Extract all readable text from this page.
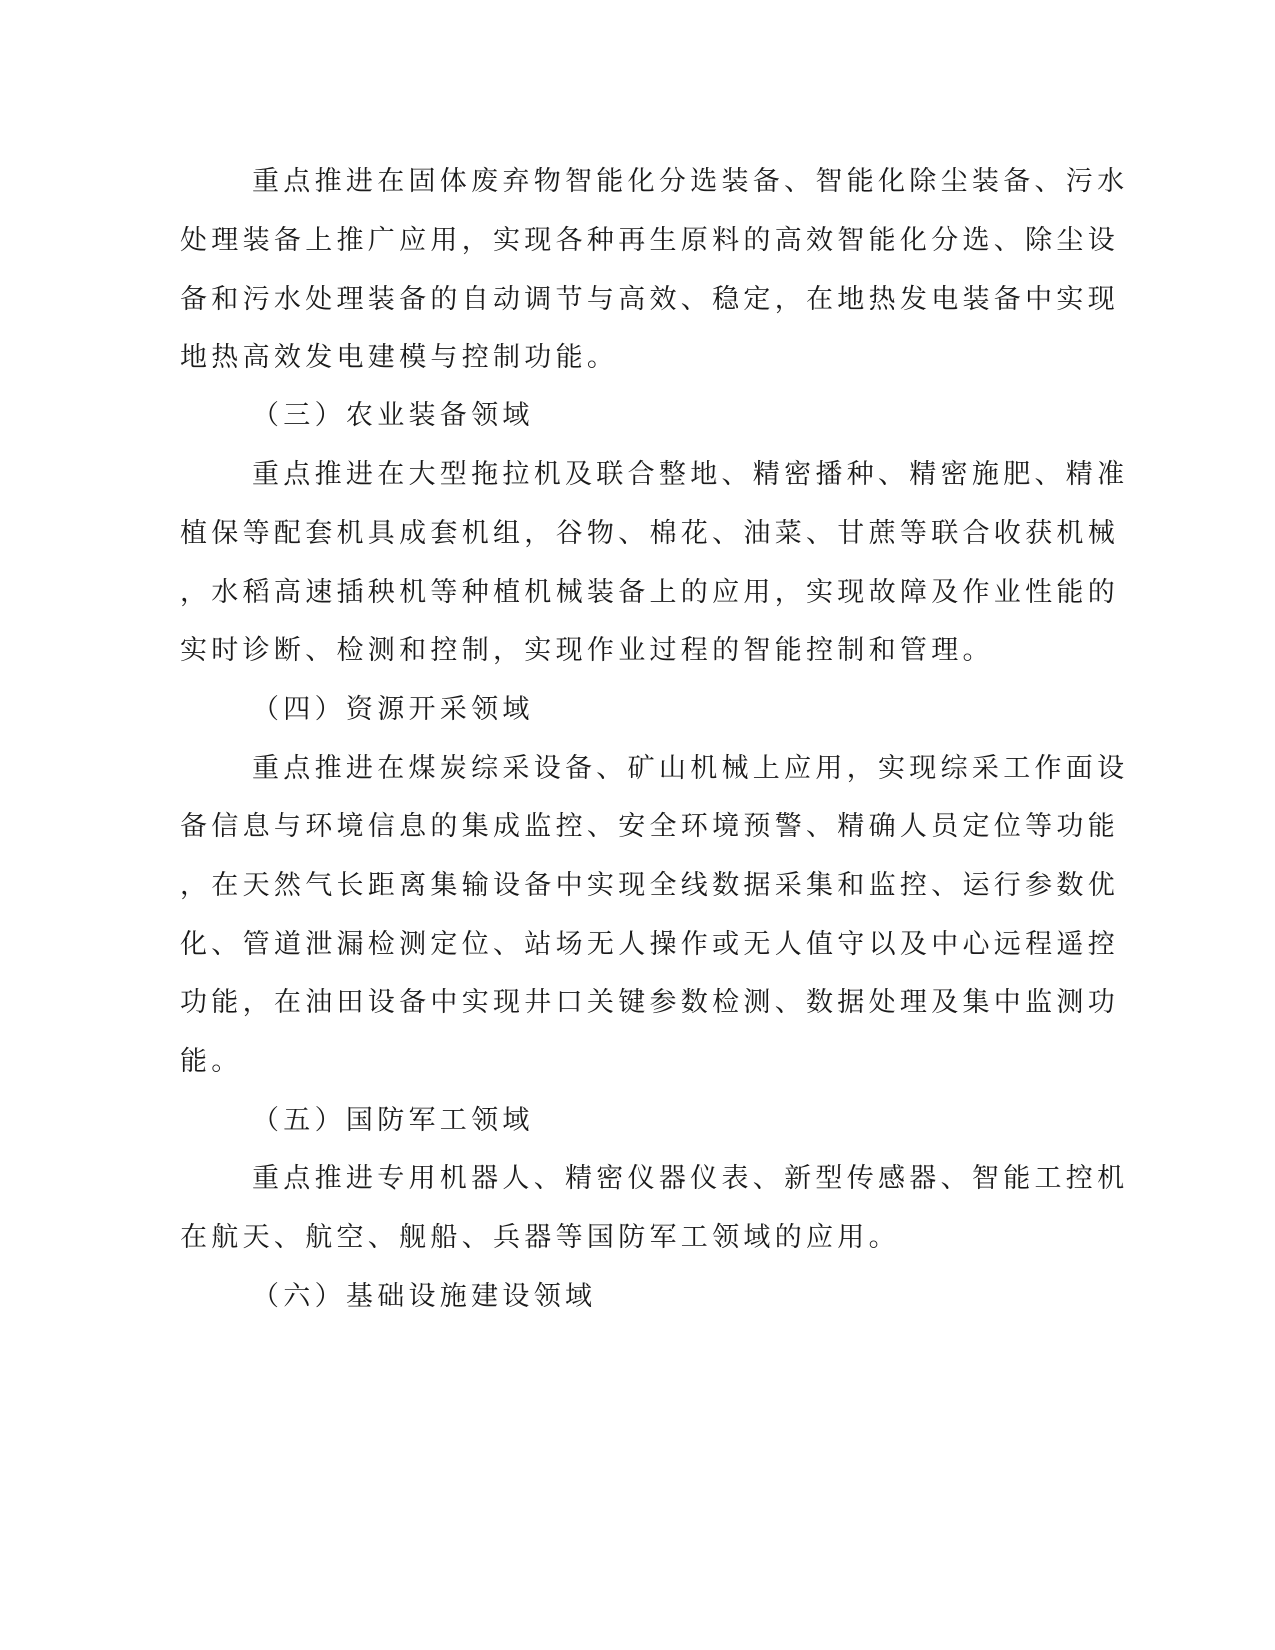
重点推进在固体废弃物智能化分选装备、智能化除尘装备、污水

处理装备上推广应用，实现各种再生原料的高效智能化分选、除尘设

备和污水处理装备的自动调节与高效、稳定，在地热发电装备中实现

地热高效发电建模与控制功能。

（三）农业装备领域

重点推进在大型拖拉机及联合整地、精密播种、精密施肥、精准

植保等配套机具成套机组，谷物、棉花、油菜、甘蔗等联合收获机械

，水稻高速插秧机等种植机械装备上的应用，实现故障及作业性能的

实时诊断、检测和控制，实现作业过程的智能控制和管理。

（四）资源开采领域

重点推进在煤炭综采设备、矿山机械上应用，实现综采工作面设

备信息与环境信息的集成监控、安全环境预警、精确人员定位等功能

，在天然气长距离集输设备中实现全线数据采集和监控、运行参数优

化、管道泄漏检测定位、站场无人操作或无人值守以及中心远程遥控

功能，在油田设备中实现井口关键参数检测、数据处理及集中监测功

能。

（五）国防军工领域

重点推进专用机器人、精密仪器仪表、新型传感器、智能工控机

在航天、航空、舰船、兵器等国防军工领域的应用。

（六）基础设施建设领域
